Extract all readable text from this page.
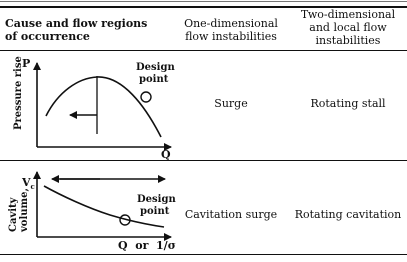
Cause and flow regions
of occurrence
One-dimensional
flow instabilities
Two-dimensional
and local flow
instabilities
Surge	Rotating stall
Cavitation surge	Rotating cavitation
P
Pressure rise
Q
Design
point
$V_c$
Cavity volume,
Q  or  1/σ
Design
point
